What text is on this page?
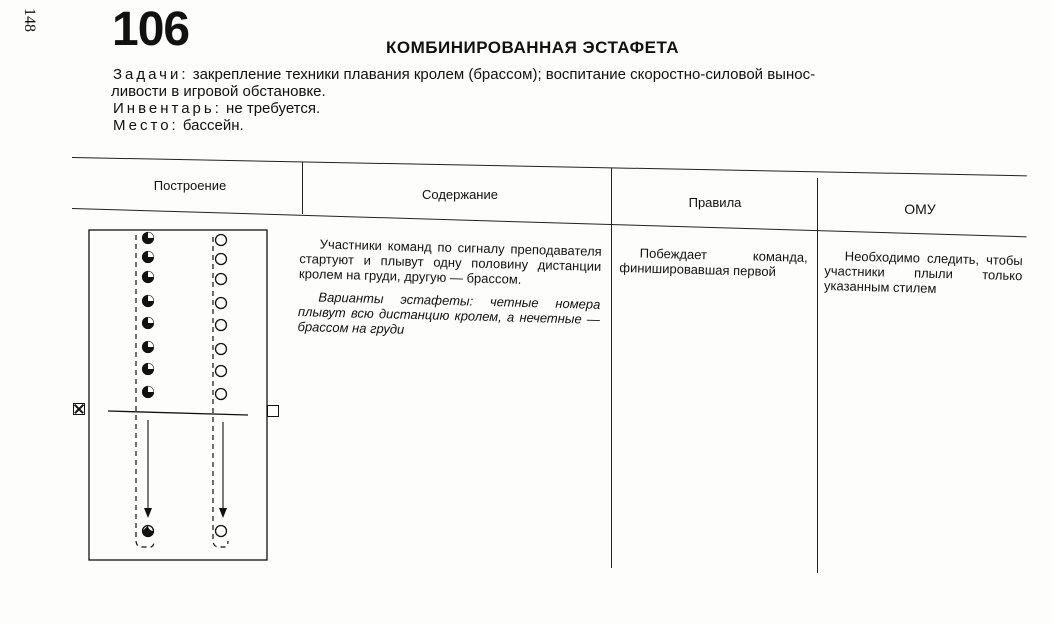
148 106	КОМБИНИРОВАННАЯ ЭСТАФЕТА
Задачи: закрепление техники плавания кролем (брассом); воспитание скоростно-силовой вынос-
ливости в игровой обстановке.
Инвентарь: не требуется.
Место: бассейн.
Построение
Содержание
Правила	ОМУ

Участники команд по сигналу преподавателя стартуют и плывут одну половину дистанции кролем на груди, другую — брассом.

Варианты эстафеты: четные номера плывут всю дистанцию кролем, а нечетные — брассом на груди

Побеждает команда, финишировавшая первой

Необходимо следить, чтобы участники плыли только указанным стилем
